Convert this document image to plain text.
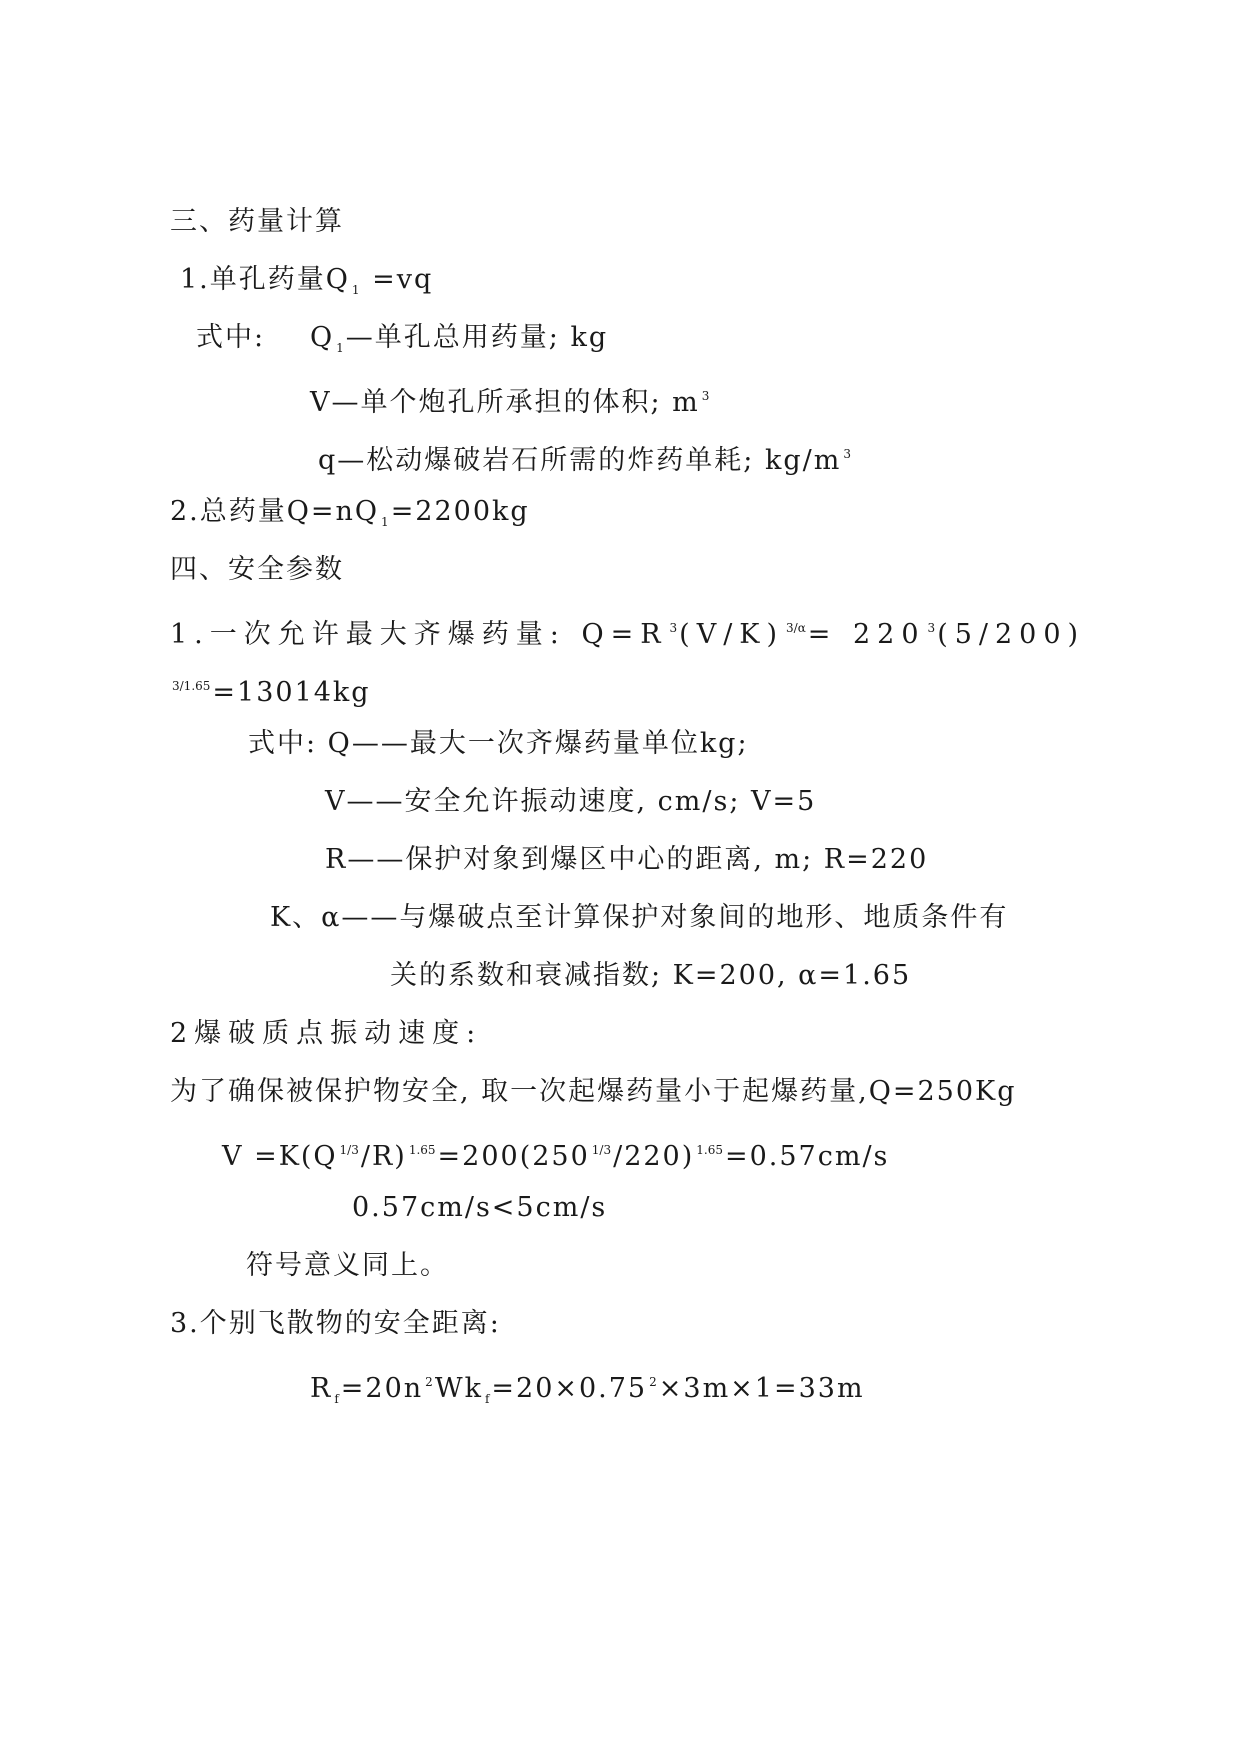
三、药量计算
1.单孔药量Q $_1$ =vq
式中: Q $_1$—单孔总用药量; kg
V—单个炮孔所承担的体积; m $^3$
q—松动爆破岩石所需的炸药单耗; kg/m $^3$
2.总药量Q=nQ $_1$=2200kg
四、安全参数
1.一次允许最大齐爆药量: Q=R $^3$(V/K) $^{3/\alpha}$= 220 $^3$(5/200)
$^{3/1.65}$=13014kg
式中: Q——最大一次齐爆药量单位kg;
V——安全允许振动速度, cm/s; V=5
R——保护对象到爆区中心的距离, m; R=220
K、α——与爆破点至计算保护对象间的地形、地质条件有
关的系数和衰减指数; K=200, α=1.65
2爆破质点振动速度:
为了确保被保护物安全, 取一次起爆药量小于起爆药量,Q=250Kg
V =K(Q $^{1/3}$/R) $^{1.65}$=200(250 $^{1/3}$/220) $^{1.65}$=0.57cm/s
0.57cm/s<5cm/s
符号意义同上。
3.个别飞散物的安全距离:
R $_f$=20n $^2$Wk $_f$=20×0.75 $^2$×3m×1=33m
